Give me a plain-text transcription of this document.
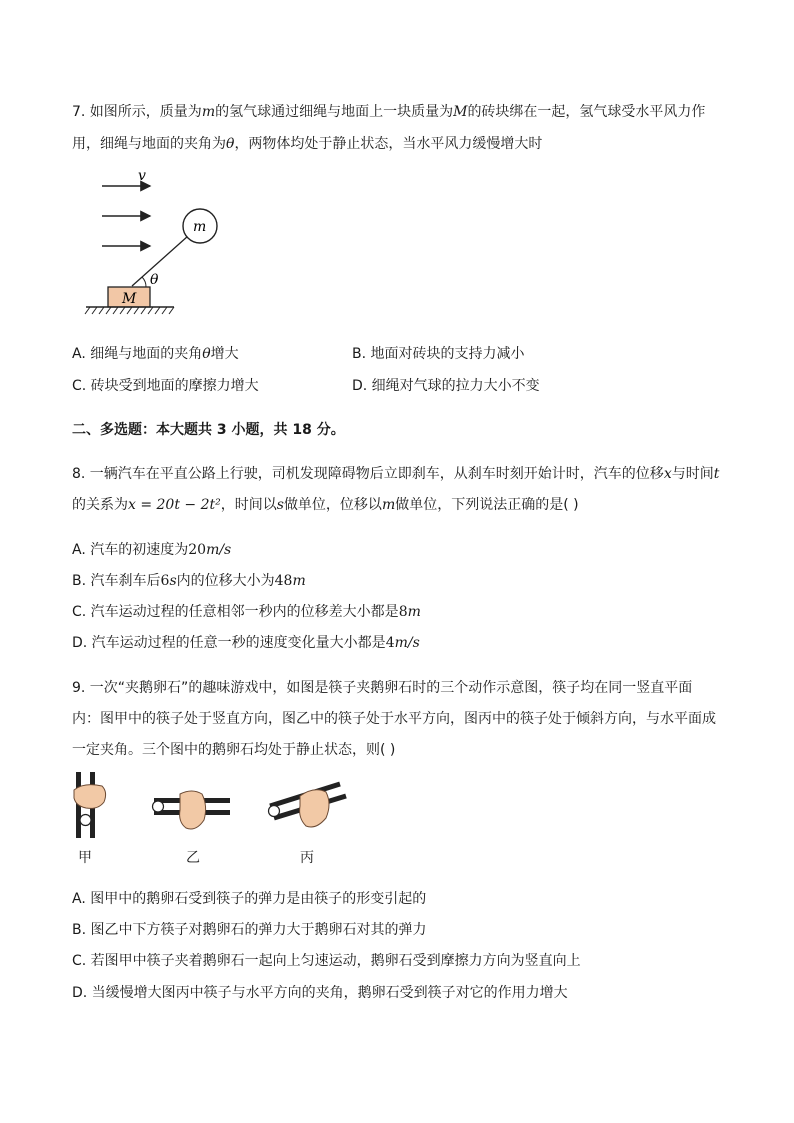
7. 如图所示，质量为m的氢气球通过细绳与地面上一块质量为M的砖块绑在一起，氢气球受水平风力作
用，细绳与地面的夹角为θ，两物体均处于静止状态，当水平风力缓慢增大时
v
m
θ
M
A. 细绳与地面的夹角θ增大	B. 地面对砖块的支持力减小
C. 砖块受到地面的摩擦力增大	D. 细绳对气球的拉力大小不变
二、多选题：本大题共 3 小题，共 18 分。
8. 一辆汽车在平直公路上行驶，司机发现障碍物后立即刹车，从刹车时刻开始计时，汽车的位移x与时间t
的关系为x = 20t − 2t²，时间以s做单位，位移以m做单位，下列说法正确的是( )
A. 汽车的初速度为20m/s
B. 汽车刹车后6s内的位移大小为48m
C. 汽车运动过程的任意相邻一秒内的位移差大小都是8m
D. 汽车运动过程的任意一秒的速度变化量大小都是4m/s
9. 一次“夹鹅卵石”的趣味游戏中，如图是筷子夹鹅卵石时的三个动作示意图，筷子均在同一竖直平面
内：图甲中的筷子处于竖直方向，图乙中的筷子处于水平方向，图丙中的筷子处于倾斜方向，与水平面成
一定夹角。三个图中的鹅卵石均处于静止状态，则( )
甲	乙	丙
A. 图甲中的鹅卵石受到筷子的弹力是由筷子的形变引起的
B. 图乙中下方筷子对鹅卵石的弹力大于鹅卵石对其的弹力
C. 若图甲中筷子夹着鹅卵石一起向上匀速运动，鹅卵石受到摩擦力方向为竖直向上
D. 当缓慢增大图丙中筷子与水平方向的夹角，鹅卵石受到筷子对它的作用力增大
